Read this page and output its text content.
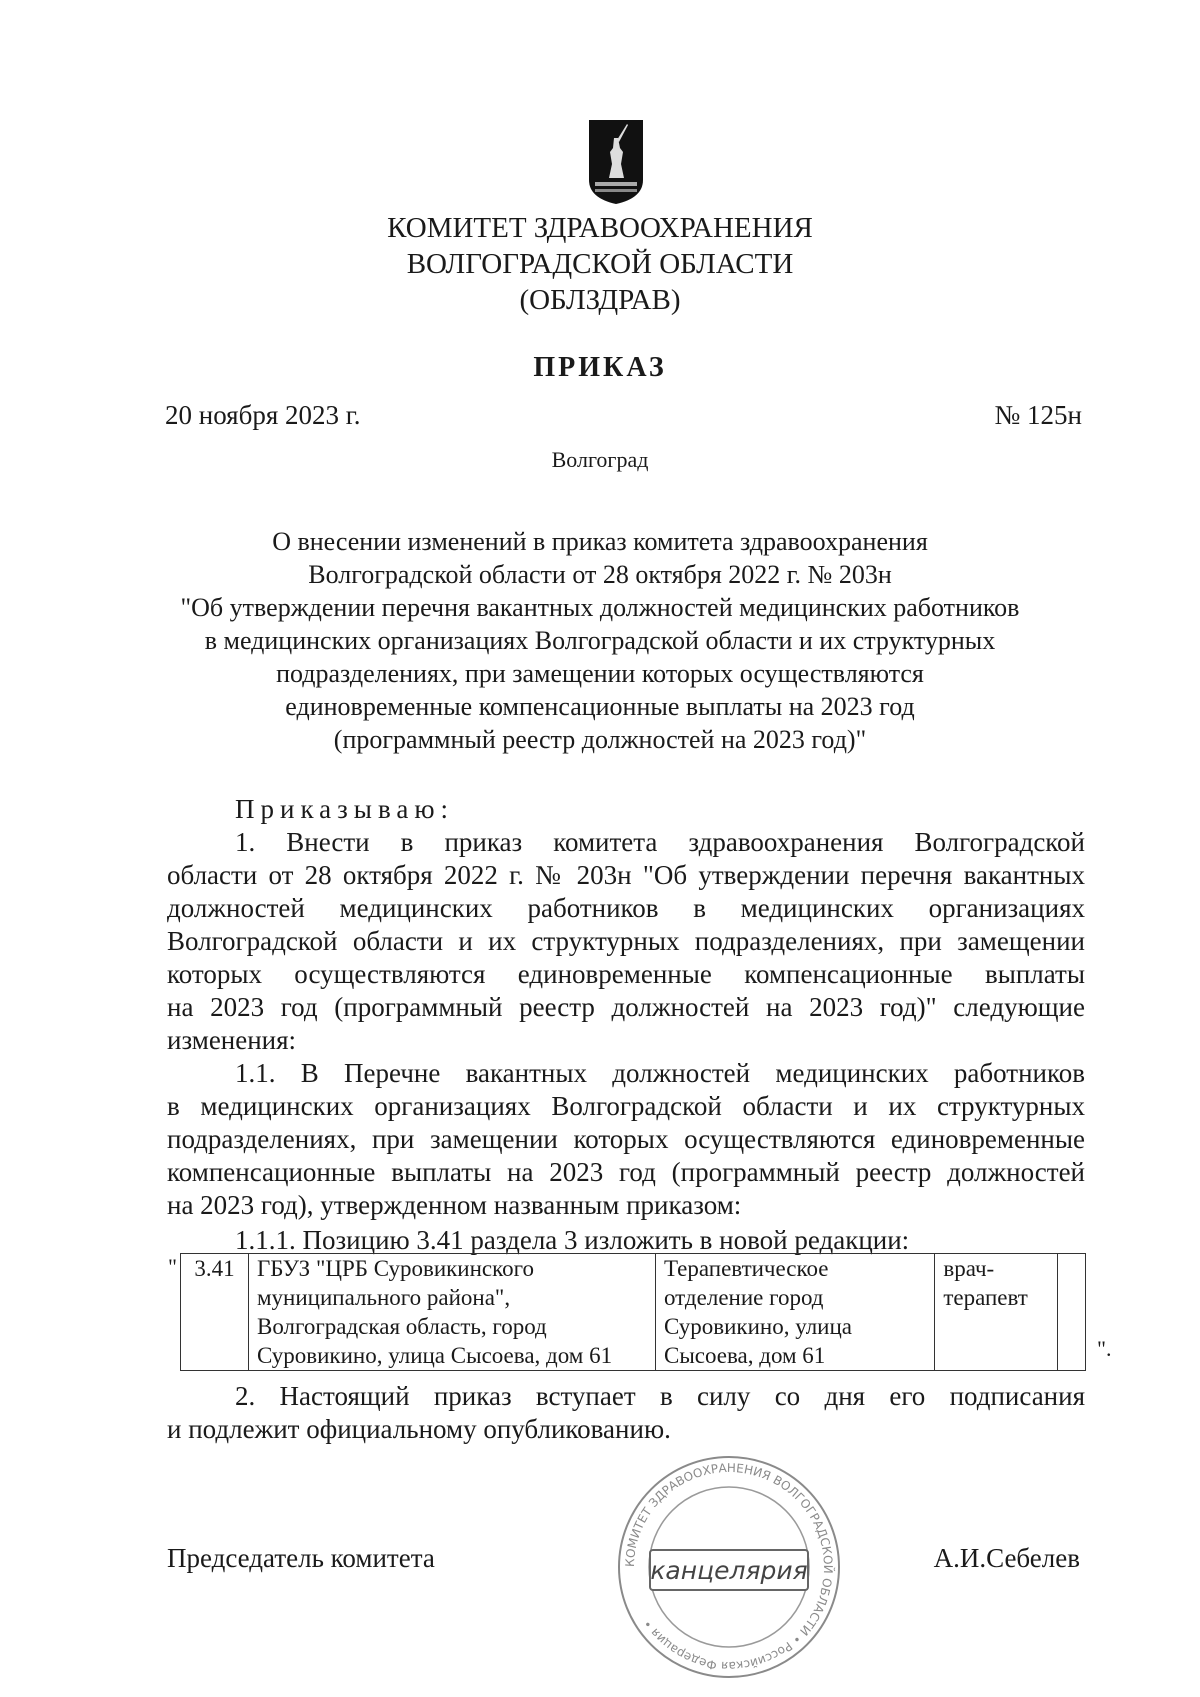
КОМИТЕТ ЗДРАВООХРАНЕНИЯ
ВОЛГОГРАДСКОЙ ОБЛАСТИ
(ОБЛЗДРАВ)
ПРИКАЗ
20 ноября 2023 г.	№ 125н
Волгоград
О внесении изменений в приказ комитета здравоохранения
Волгоградской области от 28 октября 2022 г. № 203н
"Об утверждении перечня вакантных должностей медицинских работников
в медицинских организациях Волгоградской области и их структурных
подразделениях, при замещении которых осуществляются
единовременные компенсационные выплаты на 2023 год
(программный реестр должностей на 2023 год)"
Приказываю:
1. Внести в приказ комитета здравоохранения Волгоградской
области от 28 октября 2022 г. № 203н "Об утверждении перечня вакантных
должностей медицинских работников в медицинских организациях
Волгоградской области и их структурных подразделениях, при замещении
которых осуществляются единовременные компенсационные выплаты
на 2023 год (программный реестр должностей на 2023 год)" следующие
изменения:
1.1. В Перечне вакантных должностей медицинских работников
в медицинских организациях Волгоградской области и их структурных
подразделениях, при замещении которых осуществляются единовременные
компенсационные выплаты на 2023 год (программный реестр должностей
на 2023 год), утвержденном названным приказом:
1.1.1. Позицию 3.41 раздела 3 изложить в новой редакции:
" 3.41	ГБУЗ "ЦРБ Суровикинского муниципального района", Волгоградская область, город Суровикино, улица Сысоева, дом 61	Терапевтическое отделение город Суровикино, улица Сысоева, дом 61	врач-терапевт	
".
2. Настоящий приказ вступает в силу со дня его подписания
и подлежит официальному опубликованию.
КОМИТЕТ ЗДРАВООХРАНЕНИЯ ВОЛГОГРАДСКОЙ ОБЛАСТИ • Российская Федерация •
канцелярия
Председатель комитета	А.И.Себелев
